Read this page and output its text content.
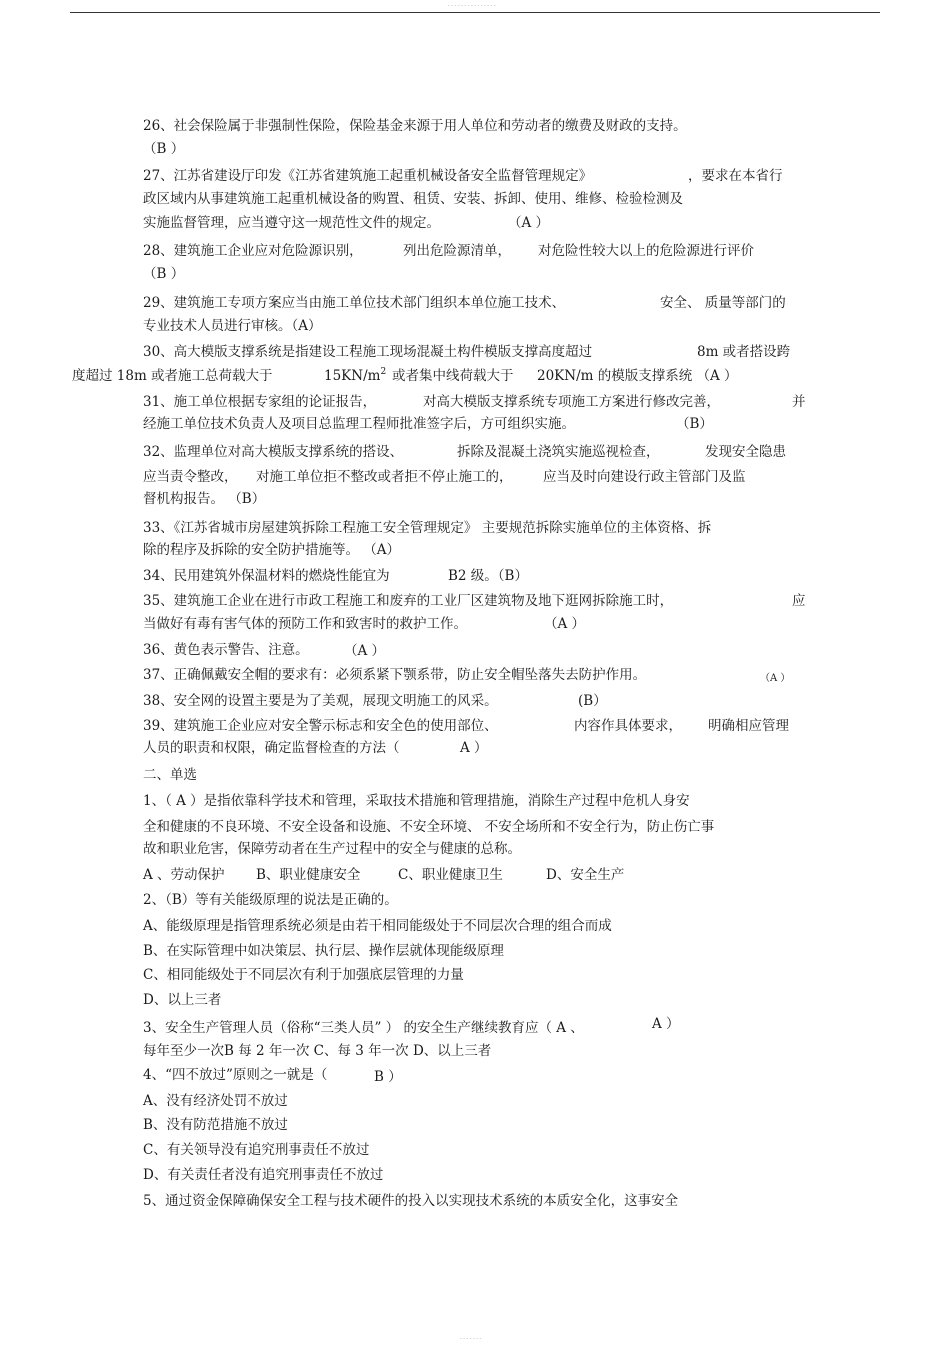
- - - - - - - - - - - - - - -
26、社会保险属于非强制性保险，保险基金来源于用人单位和劳动者的缴费及财政的支持。
（B ）
27、江苏省建设厅印发《江苏省建筑施工起重机械设备安全监督管理规定》	，要求在本省行
政区域内从事建筑施工起重机械设备的购置、租赁、安装、拆卸、使用、维修、检验检测及
实施监督管理，应当遵守这一规范性文件的规定。	（A ）
28、建筑施工企业应对危险源识别，	列出危险源清单， 对危险性较大以上的危险源进行评价
（B ）
29、建筑施工专项方案应当由施工单位技术部门组织本单位施工技术、	安全、 质量等部门的
专业技术人员进行审核。（A）
30、高大模版支撑系统是指建设工程施工现场混凝土构件模版支撑高度超过	8m 或者搭设跨
度超过 18m 或者施工总荷载大于	$15KN/m^2$ 或者集中线荷载大于 20KN/m 的模版支撑系统 （A ）
31、施工单位根据专家组的论证报告，	对高大模版支撑系统专项施工方案进行修改完善，	并
经施工单位技术负责人及项目总监理工程师批准签字后，方可组织实施。	（B）
32、监理单位对高大模版支撑系统的搭设、	拆除及混凝土浇筑实施巡视检查，	发现安全隐患
应当责令整改， 对施工单位拒不整改或者拒不停止施工的， 应当及时向建设行政主管部门及监
督机构报告。 （B）
33、《江苏省城市房屋建筑拆除工程施工安全管理规定》 主要规范拆除实施单位的主体资格、拆
除的程序及拆除的安全防护措施等。 （A）
34、民用建筑外保温材料的燃烧性能宜为	B2 级。（B）
35、建筑施工企业在进行市政工程施工和废弃的工业厂区建筑物及地下逛网拆除施工时，	应
当做好有毒有害气体的预防工作和致害时的救护工作。	（A ）
36、黄色表示警告、注意。	（A ）
37、正确佩戴安全帽的要求有：必须系紧下颚系带，防止安全帽坠落失去防护作用。	（A ）
38、安全网的设置主要是为了美观，展现文明施工的风采。	(B）
39、建筑施工企业应对安全警示标志和安全色的使用部位、	内容作具体要求， 明确相应管理
人员的职责和权限，确定监督检查的方法（	A ）
二、单选
1、（ A ）是指依靠科学技术和管理，采取技术措施和管理措施，消除生产过程中危机人身安
全和健康的不良环境、不安全设备和设施、不安全环境、 不安全场所和不安全行为，防止伤亡事
故和职业危害，保障劳动者在生产过程中的安全与健康的总称。
A 、劳动保护 B、职业健康安全	C、职业健康卫生	D、安全生产
2、（B）等有关能级原理的说法是正确的。
A、能级原理是指管理系统必须是由若干相同能级处于不同层次合理的组合而成
B、在实际管理中如决策层、执行层、操作层就体现能级原理
C、相同能级处于不同层次有利于加强底层管理的力量
D、以上三者
3、安全生产管理人员（俗称“三类人员” ） 的安全生产继续教育应（ A 、	A ）
每年至少一次B 每 2 年一次 C、每 3 年一次 D、以上三者
4、“四不放过”原则之一就是（	B ）
A、没有经济处罚不放过
B、没有防范措施不放过
C、有关领导没有追究刑事责任不放过
D、有关责任者没有追究刑事责任不放过
5、通过资金保障确保安全工程与技术硬件的投入以实现技术系统的本质安全化，这事安全
- - - - - - -
